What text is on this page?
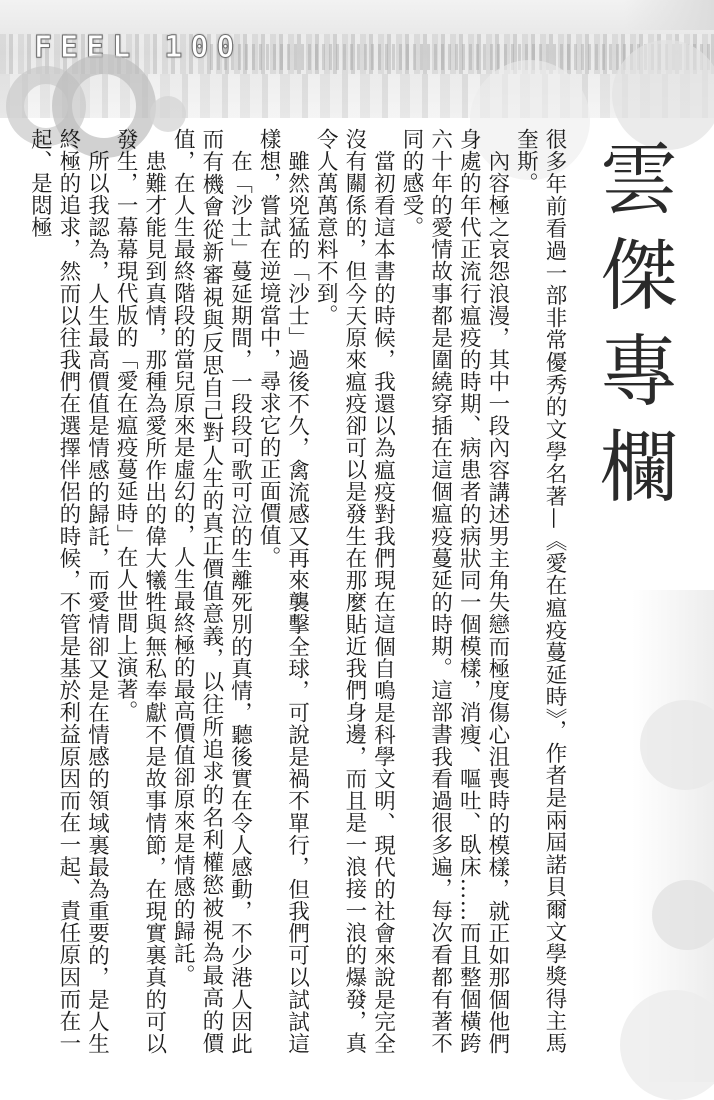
FEEL 100
雲傑專欄

很多年前看過一部非常優秀的文學名著—《愛在瘟疫蔓延時》，作者是兩屆諾貝爾文學獎得主馬奎斯。

內容極之哀怨浪漫，其中一段內容講述男主角失戀而極度傷心沮喪時的模樣，就正如那個他們身處的年代正流行瘟疫的時期、病患者的病狀同一個模樣，消瘦、嘔吐、臥床……而且整個橫跨六十年的愛情故事都是圍繞穿插在這個瘟疫蔓延的時期。這部書我看過很多遍，每次看都有著不同的感受。

當初看這本書的時候，我還以為瘟疫對我們現在這個自鳴是科學文明、現代的社會來說是完全沒有關係的，但今天原來瘟疫卻可以是發生在那麼貼近我們身邊，而且是一浪接一浪的爆發，真令人萬萬意料不到。

雖然兇猛的「沙士」過後不久，禽流感又再來襲擊全球，可說是禍不單行，但我們可以試試這樣想，嘗試在逆境當中，尋求它的正面價值。

在「沙士」蔓延期間，一段段可歌可泣的生離死別的真情，聽後實在令人感動，不少港人因此而有機會從新審視與反思自己對人生的真正價值意義，以往所追求的名利權慾被視為最高的價值，在人生最終階段的當兒原來是虛幻的，人生最終極的最高價值卻原來是情感的歸託。

患難才能見到真情，那種為愛所作出的偉大犧牲與無私奉獻不是故事情節，在現實裏真的可以發生，一幕幕現代版的「愛在瘟疫蔓延時」在人世間上演著。

所以我認為，人生最高價值是情感的歸託，而愛情卻又是在情感的領域裏最為重要的，是人生終極的追求，然而以往我們在選擇伴侶的時候，不管是基於利益原因而在一起、責任原因而在一起、是悶極
